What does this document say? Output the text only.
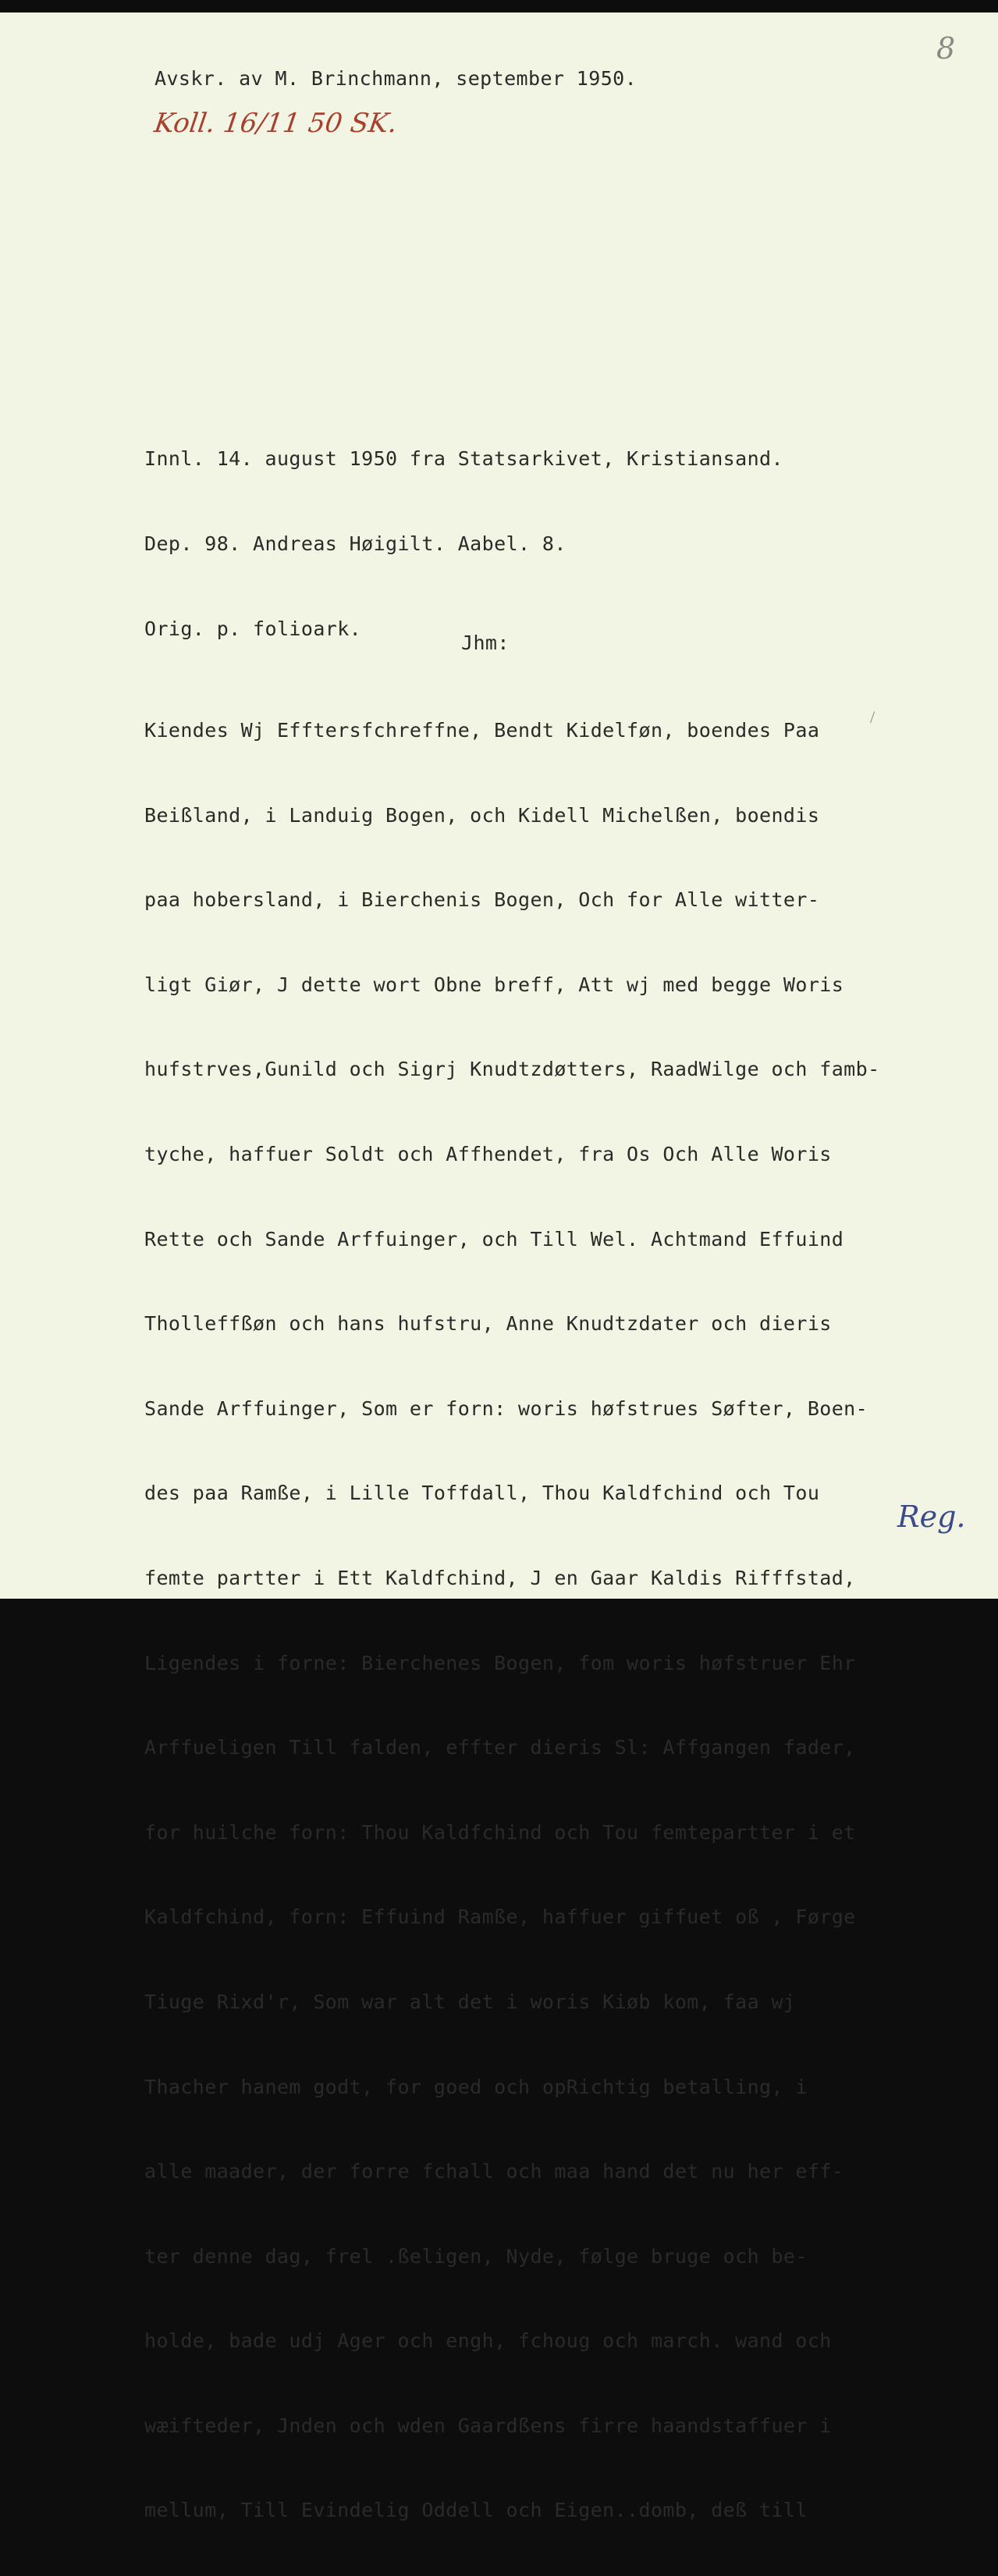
8
Avskr. av M. Brinchmann, september 1950.
Koll. 16/11 50 SK.

Innl. 14. august 1950 fra Statsarkivet, Kristiansand.

Dep. 98. Andreas Høigilt. Aabel. 8.

Orig. p. folioark.

Jhm:

Kiendes Wj Efftersfchreffne, Bendt Kidelføn, boendes Paa

Beißland, i Landuig Bogen, och Kidell Michelßen, boendis

paa hobersland, i Bierchenis Bogen, Och for Alle witter-

ligt Giør, J dette wort Obne breff, Att wj med begge Woris

hufstrves,Gunild och Sigrj Knudtzdøtters, RaadWilge och famb-

tyche, haffuer Soldt och Affhendet, fra Os Och Alle Woris

Rette och Sande Arffuinger, och Till Wel. Achtmand Effuind

Tholleffßøn och hans hufstru, Anne Knudtzdater och dieris

Sande Arffuinger, Som er forn: woris høfstrues Søfter, Boen-

des paa Ramße, i Lille Toffdall, Thou Kaldfchind och Tou

femte partter i Ett Kaldfchind, J en Gaar Kaldis Rifffstad,

Ligendes i forne: Bierchenes Bogen, fom woris høfstruer Ehr

Arffueligen Till falden, effter dieris Sl: Affgangen fader,

for huilche forn: Thou Kaldfchind och Tou femtepartter i et

Kaldfchind, forn: Effuind Ramße, haffuer giffuet oß , Førge

Tiuge Rixd'r, Som war alt det i woris Kiøb kom, faa wj

Thacher hanem godt, for goed och opRichtig betalling, i

alle maader, der forre fchall och maa hand det nu her eff-

ter denne dag, frel .ßeligen, Nyde, følge bruge och be-

holde, bade udj Ager och engh, fchoug och march. wand och

wæifteder, Jnden och wden Gaardßens firre haandstaffuer i

mellum, Till Evindelig Oddell och Eigen..domb, deß till

/
Reg.
